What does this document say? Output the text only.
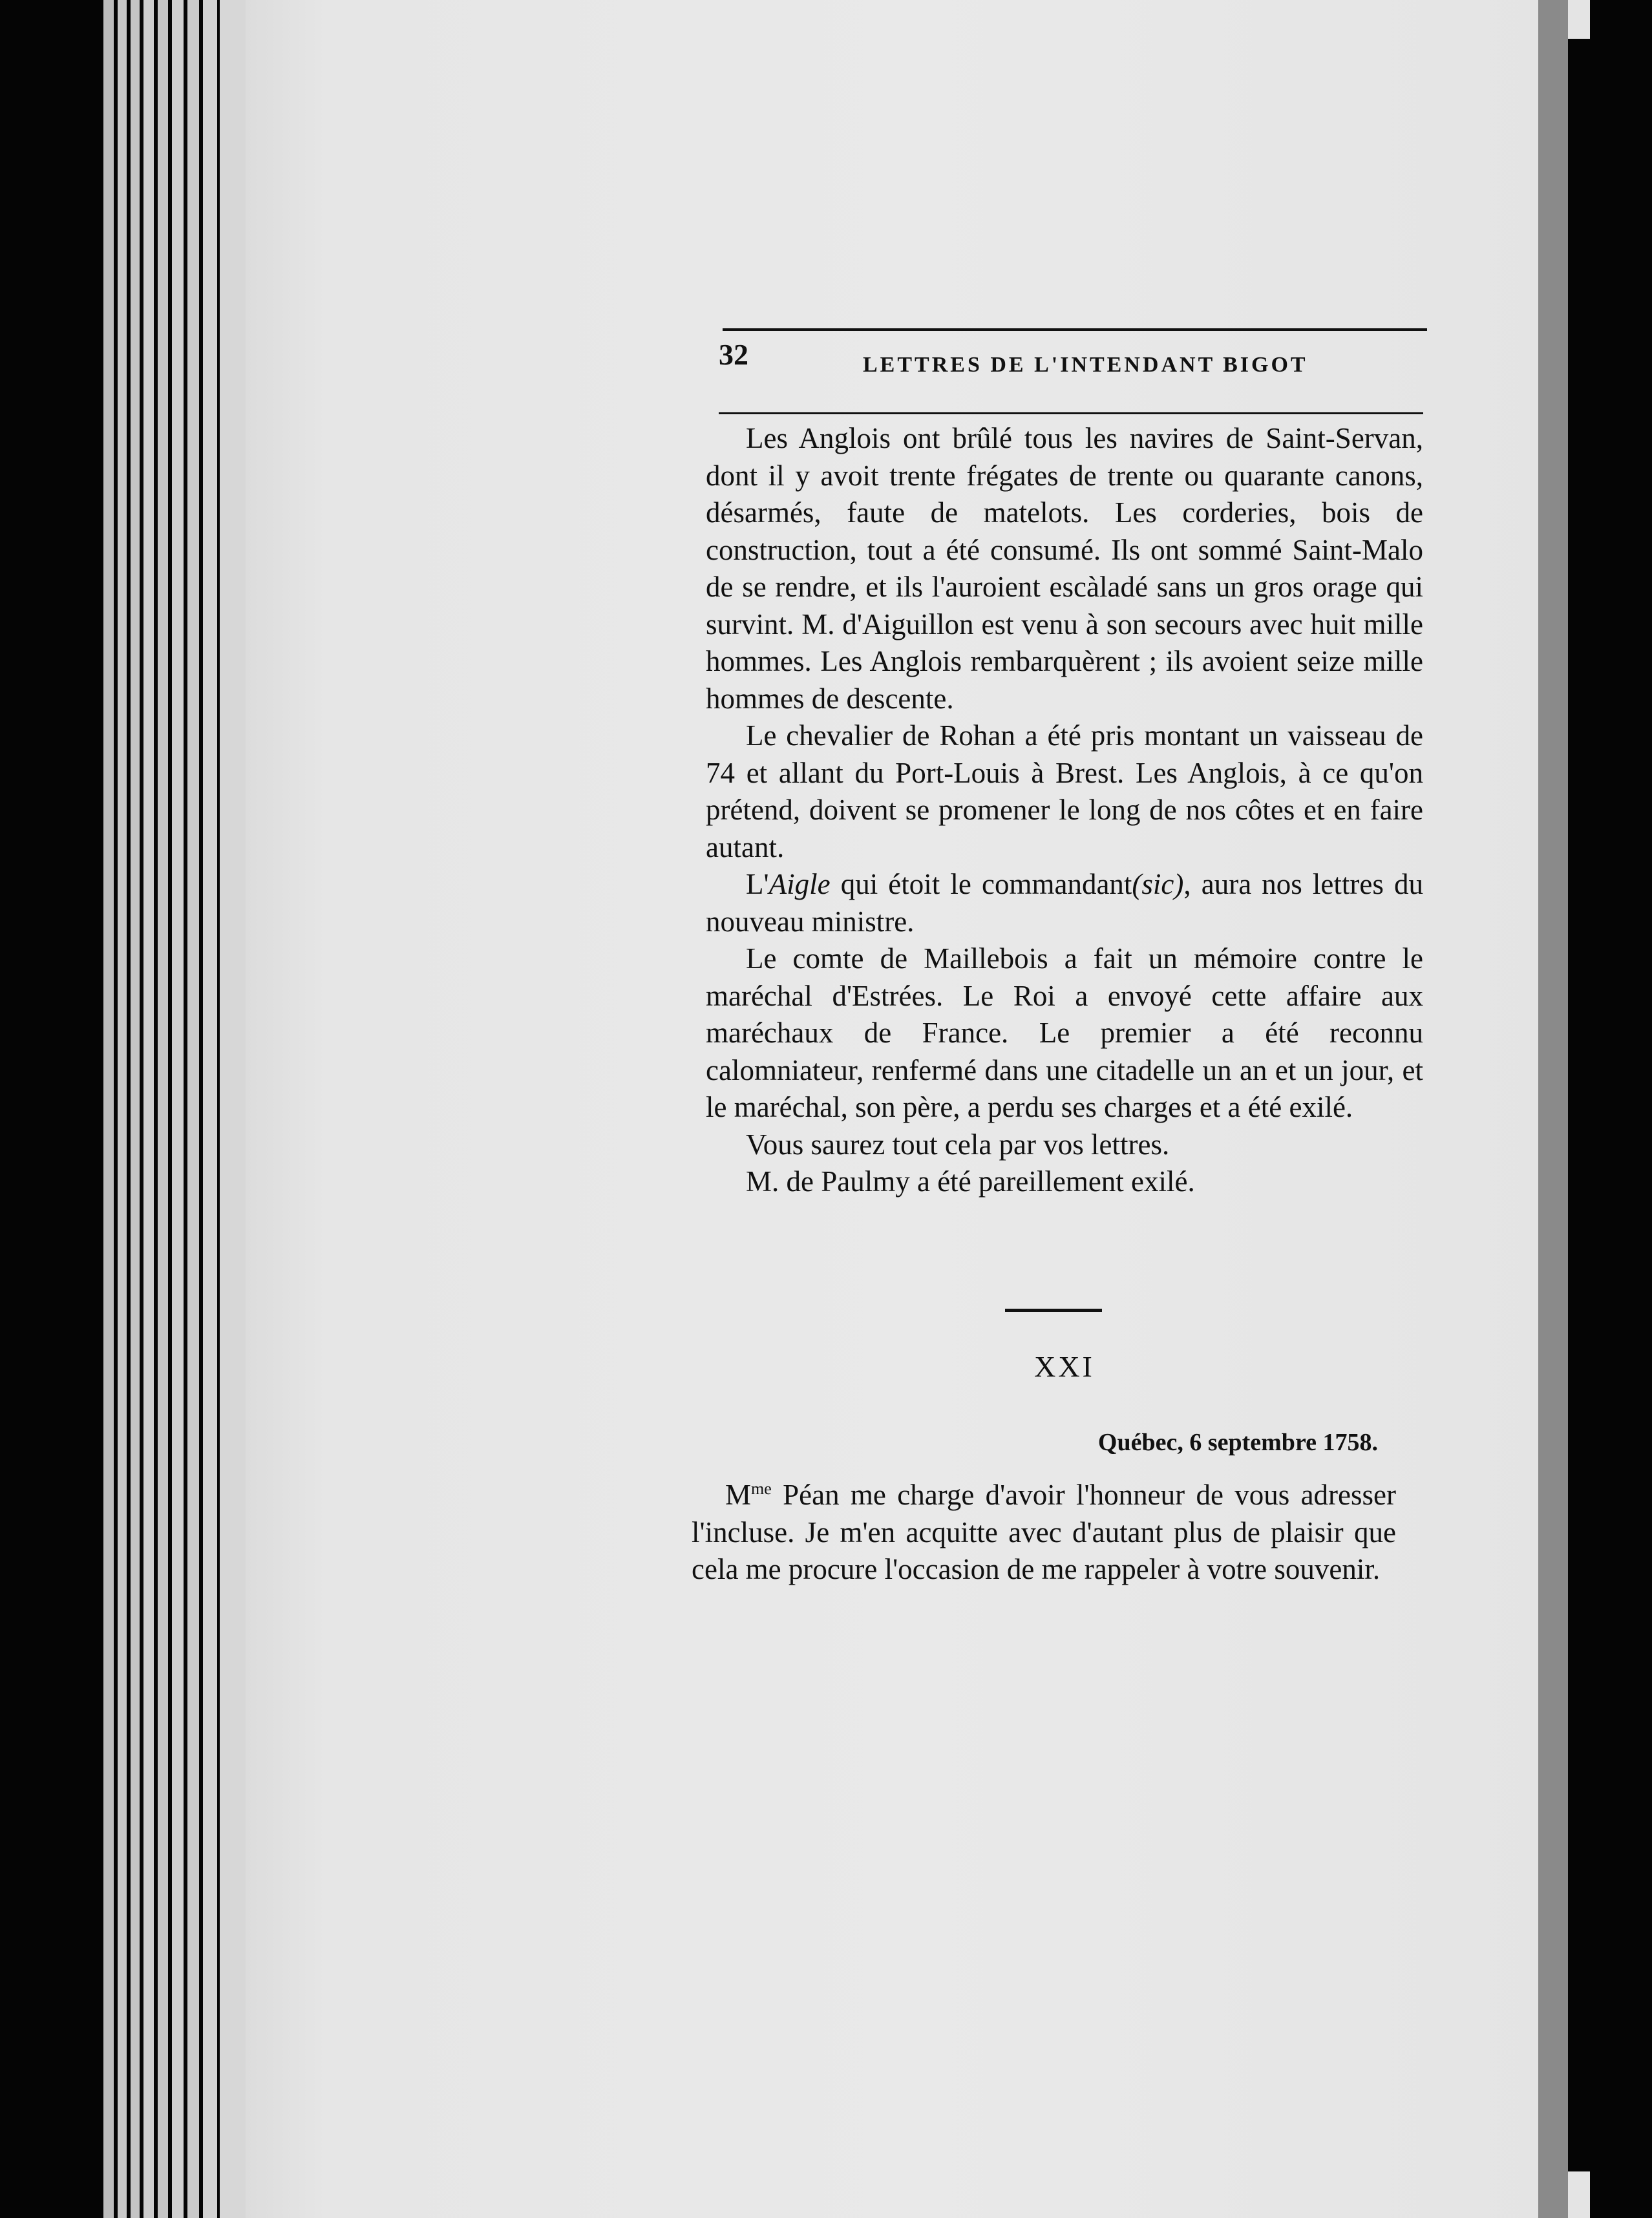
32	LETTRES DE L'INTENDANT BIGOT

Les Anglois ont brûlé tous les navires de Saint-Servan, dont il y avoit trente frégates de trente ou quarante canons, désarmés, faute de matelots. Les corderies, bois de construction, tout a été consumé. Ils ont sommé Saint-Malo de se rendre, et ils l'auroient escàladé sans un gros orage qui survint. M. d'Aiguillon est venu à son secours avec huit mille hommes. Les Anglois rembarquèrent ; ils avoient seize mille hommes de descente.

Le chevalier de Rohan a été pris montant un vaisseau de 74 et allant du Port-Louis à Brest. Les Anglois, à ce qu'on prétend, doivent se promener le long de nos côtes et en faire autant.

L'Aigle qui étoit le commandant(sic), aura nos lettres du nouveau ministre.

Le comte de Maillebois a fait un mémoire contre le maréchal d'Estrées. Le Roi a envoyé cette affaire aux maréchaux de France. Le premier a été reconnu calomniateur, renfermé dans une citadelle un an et un jour, et le maréchal, son père, a perdu ses charges et a été exilé.

Vous saurez tout cela par vos lettres.

M. de Paulmy a été pareillement exilé.

XXI
Québec, 6 septembre 1758.

$M^{me}$ Péan me charge d'avoir l'honneur de vous adresser l'incluse. Je m'en acquitte avec d'autant plus de plaisir que cela me procure l'occasion de me rappeler à votre souvenir.
